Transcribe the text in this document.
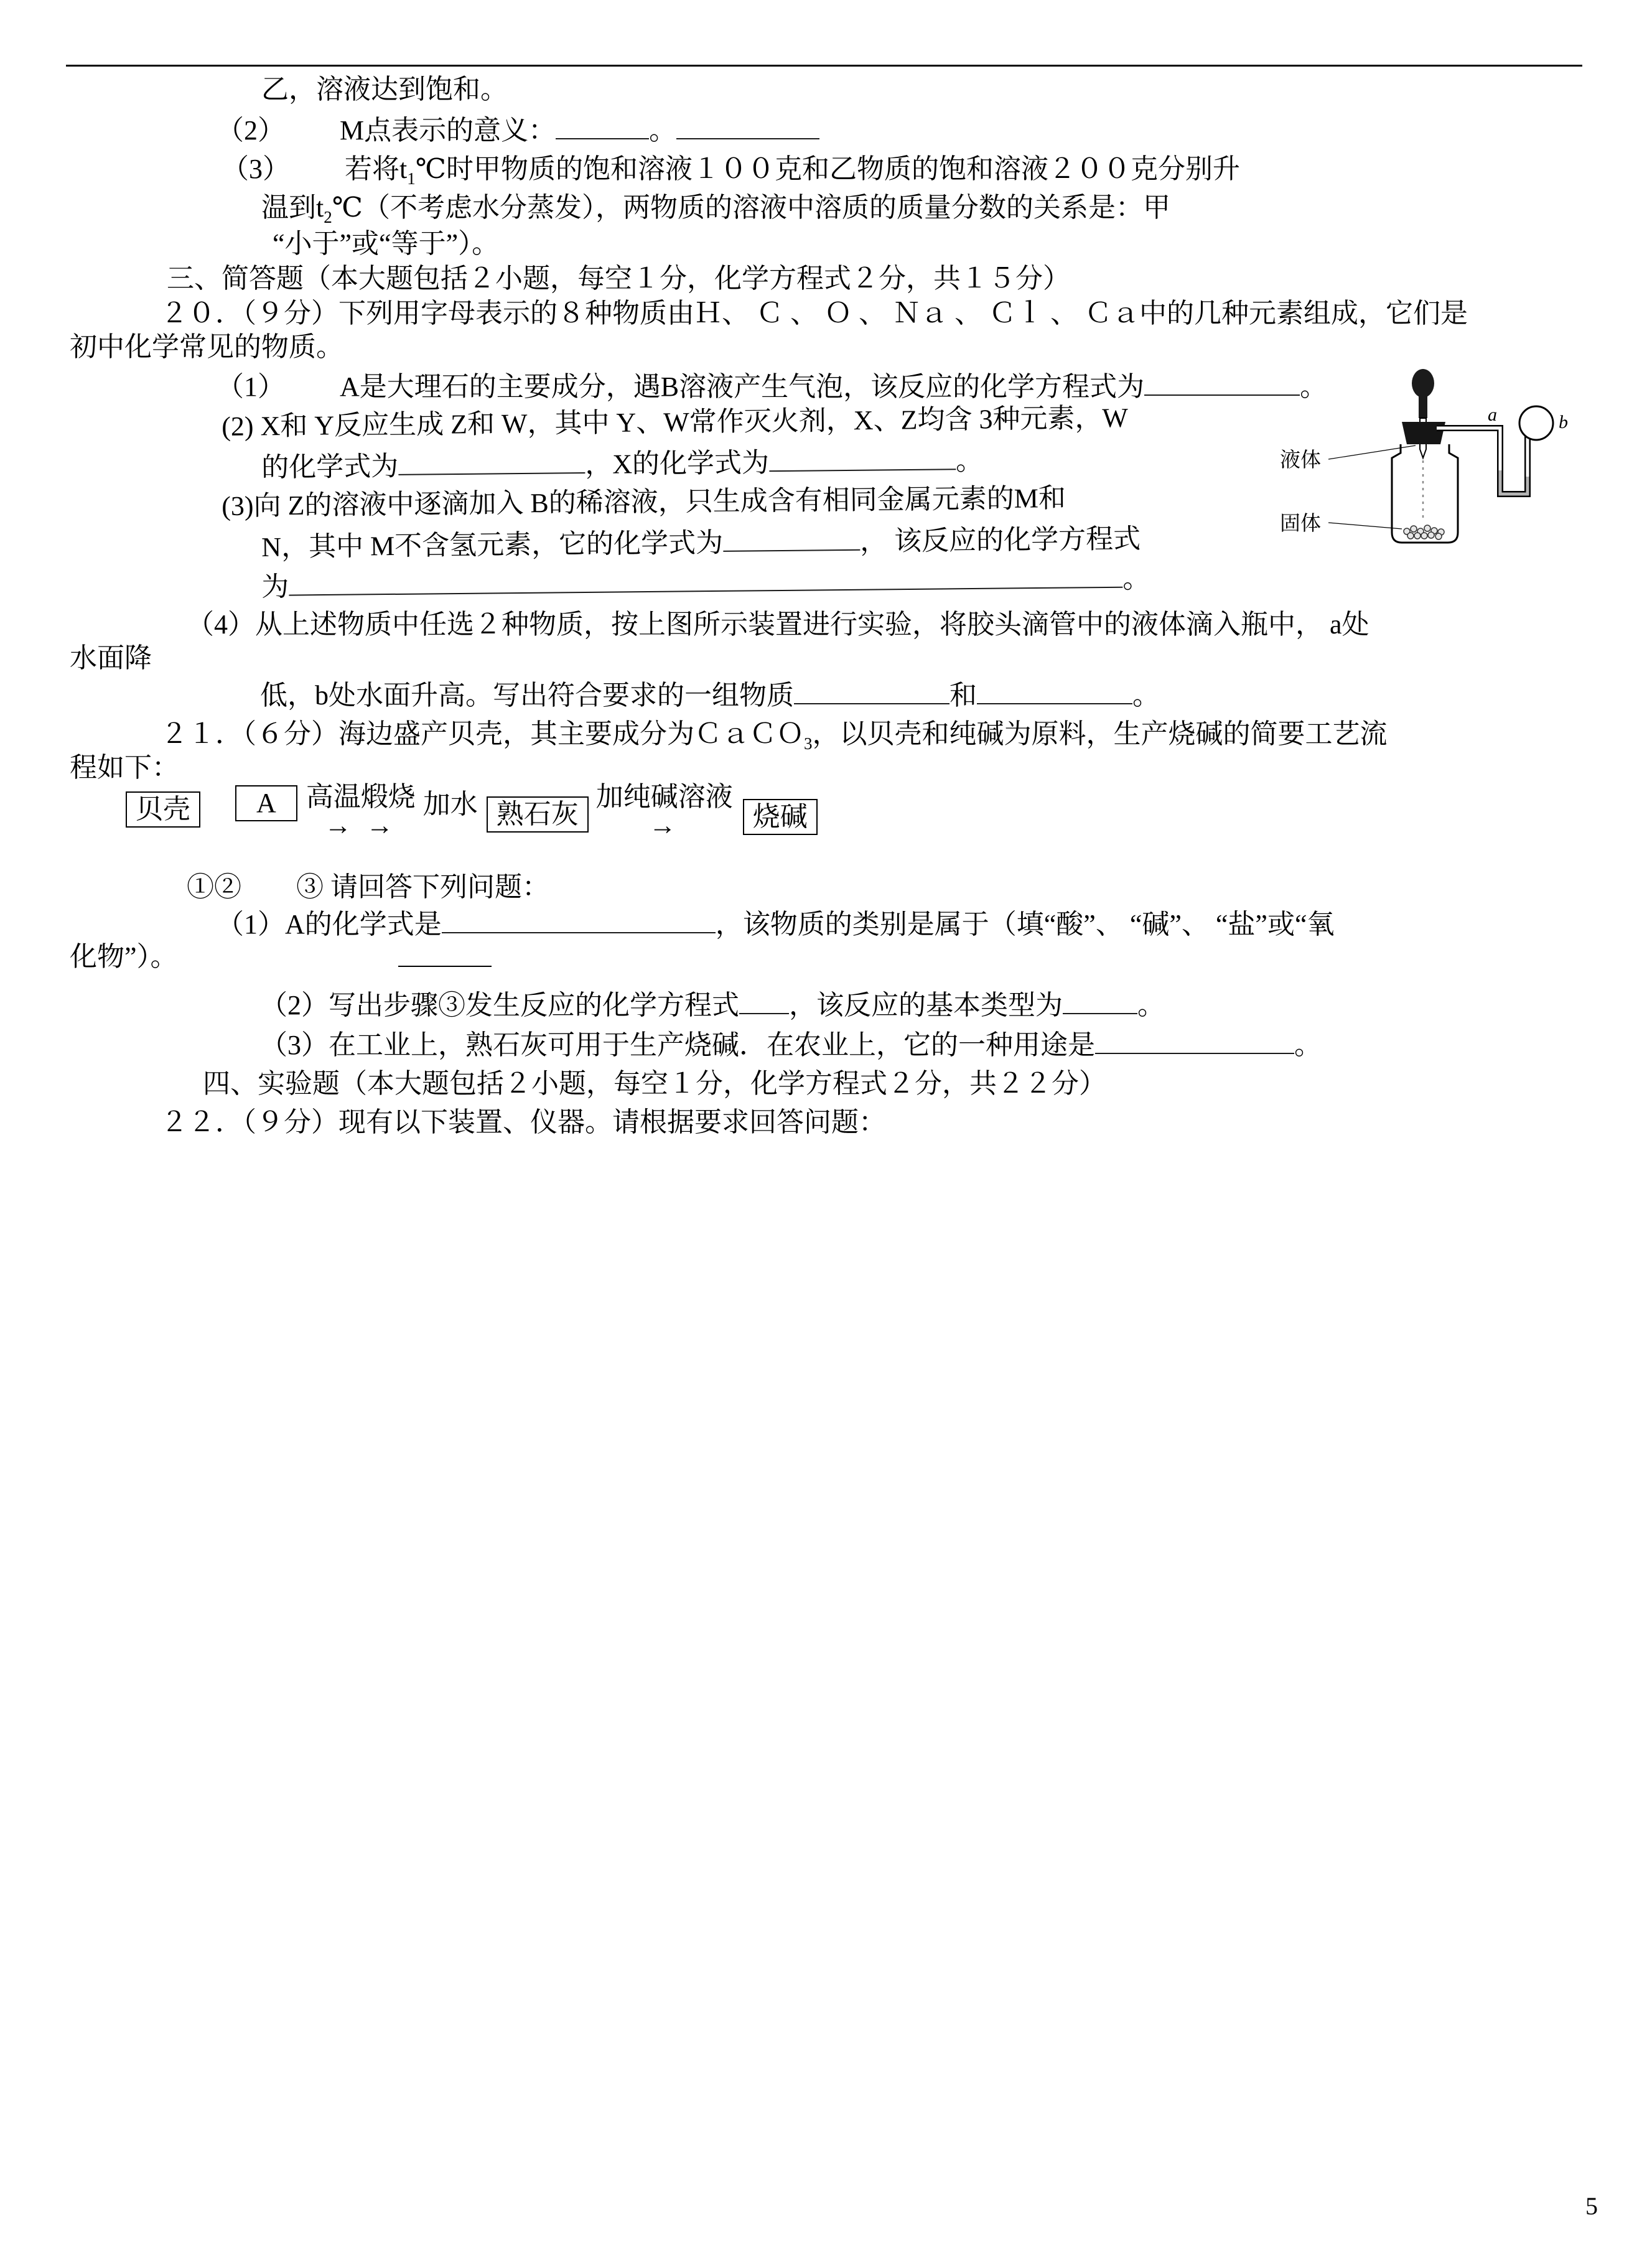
乙，溶液达到饱和。
（2） M点表示的意义：	。
（3） 若将$t_1℃$时甲物质的饱和溶液１００克和乙物质的饱和溶液２００克分别升
温到$t_2℃$（不考虑水分蒸发），两物质的溶液中溶质的质量分数的关系是：甲
“小于”或“等于”）。
三、简答题（本大题包括２小题，每空１分，化学方程式２分，共１５分）
２０．（９分）下列用字母表示的８种物质由Ｈ、 Ｃ 、 Ｏ 、 Ｎａ 、 Ｃｌ 、 Ｃａ中的几种元素组成，它们是
初中化学常见的物质。
（1） A是大理石的主要成分，遇B溶液产生气泡，该反应的化学方程式为	。
(2) X和 Y反应生成 Z和 W，其中 Y、W常作灭火剂，X、Z均含 3种元素，W
的化学式为	，X的化学式为	。
(3)向 Z的溶液中逐滴加入 B的稀溶液，只生成含有相同金属元素的M和
N，其中 M不含氢元素，它的化学式为	， 该反应的化学方程式
为	。
液体
固体
a	b
（4）从上述物质中任选２种物质，按上图所示装置进行实验，将胶头滴管中的液体滴入瓶中， a处
水面降
低，b处水面升高。写出符合要求的一组物质	和	。
２１．（６分）海边盛产贝壳，其主要成分为ＣａＣＯ$_3$，以贝壳和纯碱为原料，生产烧碱的简要工艺流
程如下：
贝壳	A	高温煅烧
→ →
加水 熟石灰
加纯碱溶液
→	烧碱
①②　　③ 请回答下列问题：
（1）A的化学式是	，该物质的类别是属于（填“酸”、 “碱”、 “盐”或“氧
化物”）。
（2）写出步骤③发生反应的化学方程式 ，该反应的基本类型为	。
（3）在工业上，熟石灰可用于生产烧碱．在农业上，它的一种用途是	。
四、实验题（本大题包括２小题，每空１分，化学方程式２分，共２２分）
２２．（９分）现有以下装置、仪器。请根据要求回答问题：
5
